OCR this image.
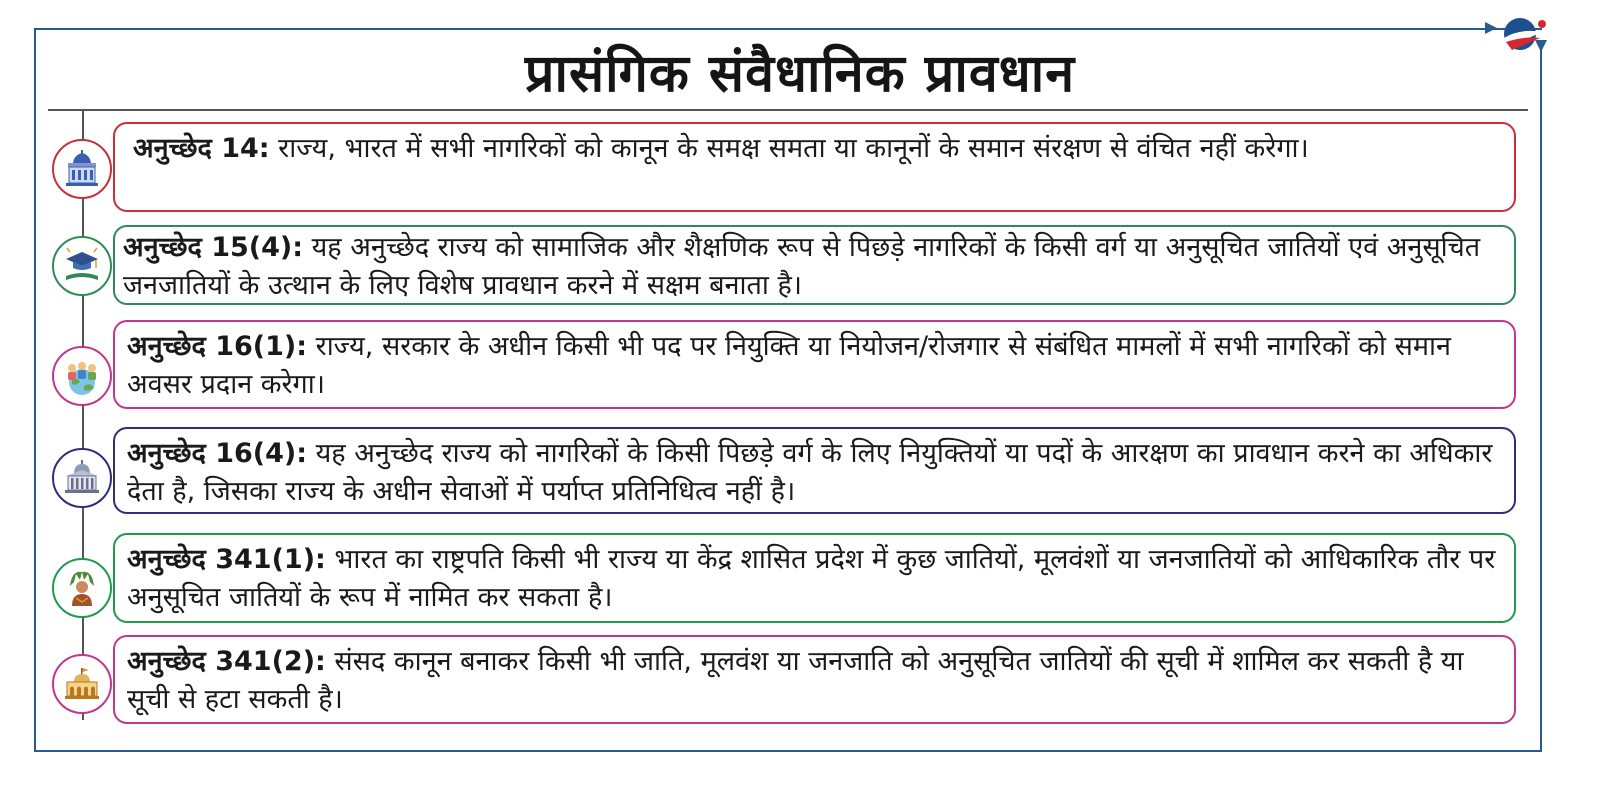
प्रासंगिक संवैधानिक प्रावधान
अनुच्छेद 14: राज्य, भारत में सभी नागरिकों को कानून के समक्ष समता या कानूनों के समान संरक्षण से वंचित नहीं करेगा।
अनुच्छेद 15(4): यह अनुच्छेद राज्य को सामाजिक और शैक्षणिक रूप से पिछड़े नागरिकों के किसी वर्ग या अनुसूचित जातियों एवं अनुसूचित जनजातियों के उत्थान के लिए विशेष प्रावधान करने में सक्षम बनाता है।
अनुच्छेद 16(1): राज्य, सरकार के अधीन किसी भी पद पर नियुक्ति या नियोजन/रोजगार से संबंधित मामलों में सभी नागरिकों को समान अवसर प्रदान करेगा।
अनुच्छेद 16(4): यह अनुच्छेद राज्य को नागरिकों के किसी पिछड़े वर्ग के लिए नियुक्तियों या पदों के आरक्षण का प्रावधान करने का अधिकार देता है, जिसका राज्य के अधीन सेवाओं में पर्याप्त प्रतिनिधित्व नहीं है।
अनुच्छेद 341(1): भारत का राष्ट्रपति किसी भी राज्य या केंद्र शासित प्रदेश में कुछ जातियों, मूलवंशों या जनजातियों को आधिकारिक तौर पर अनुसूचित जातियों के रूप में नामित कर सकता है।
अनुच्छेद 341(2): संसद कानून बनाकर किसी भी जाति, मूलवंश या जनजाति को अनुसूचित जातियों की सूची में शामिल कर सकती है या सूची से हटा सकती है।
